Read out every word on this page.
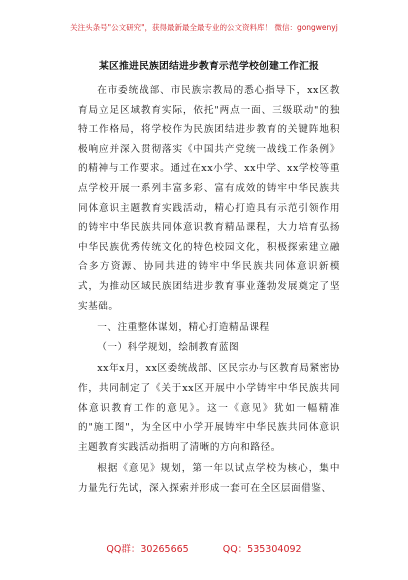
关注头条号"公文研究"，获得最新最全最专业的公文资料库！ 微信：gongwenyj
某区推进民族团结进步教育示范学校创建工作汇报

在市委统战部、市民族宗教局的悉心指导下，xx区教育局立足区域教育实际，依托"两点一面、三级联动"的独特工作格局，将学校作为民族团结进步教育的关键阵地积极响应并深入贯彻落实《中国共产党统一战线工作条例》的精神与工作要求。通过在xx小学、xx中学、xx学校等重点学校开展一系列丰富多彩、富有成效的铸牢中华民族共同体意识主题教育实践活动，精心打造具有示范引领作用的铸牢中华民族共同体意识教育精品课程，大力培育弘扬中华民族优秀传统文化的特色校园文化，积极探索建立融合多方资源、协同共进的铸牢中华民族共同体意识新模式，为推动区域民族团结进步教育事业蓬勃发展奠定了坚实基础。

一、注重整体谋划，精心打造精品课程

（一）科学规划，绘制教育蓝图

xx年x月，xx区委统战部、区民宗办与区教育局紧密协作，共同制定了《关于xx区开展中小学铸牢中华民族共同体意识教育工作的意见》。这一《意见》犹如一幅精准的"施工图"，为全区中小学开展铸牢中华民族共同体意识主题教育实践活动指明了清晰的方向和路径。

根据《意见》规划，第一年以试点学校为核心，集中力量先行先试，深入探索并形成一套可在全区层面借鉴、

QQ群：30265665	QQ：535304092
